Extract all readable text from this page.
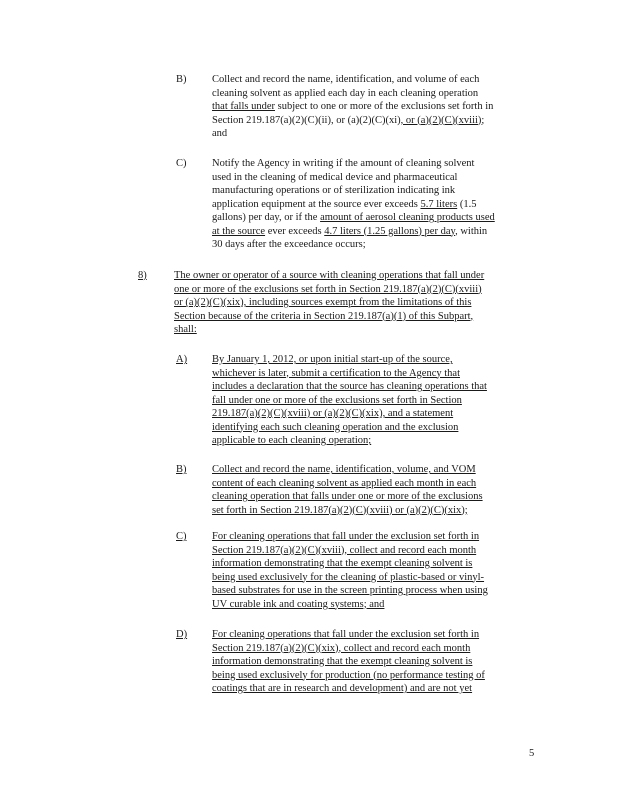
B) Collect and record the name, identification, and volume of each
cleaning solvent as applied each day in each cleaning operation
that falls under subject to one or more of the exclusions set forth in
Section 219.187(a)(2)(C)(ii), or (a)(2)(C)(xi), or (a)(2)(C)(xviii);
and
C) Notify the Agency in writing if the amount of cleaning solvent
used in the cleaning of medical device and pharmaceutical
manufacturing operations or of sterilization indicating ink
application equipment at the source ever exceeds 5.7 liters (1.5
gallons) per day, or if the amount of aerosol cleaning products used
at the source ever exceeds 4.7 liters (1.25 gallons) per day, within
30 days after the exceedance occurs;
8)	The owner or operator of a source with cleaning operations that fall under
one or more of the exclusions set forth in Section 219.187(a)(2)(C)(xviii)
or (a)(2)(C)(xix), including sources exempt from the limitations of this
Section because of the criteria in Section 219.187(a)(1) of this Subpart,
shall:
A) By January 1, 2012, or upon initial start-up of the source,
whichever is later, submit a certification to the Agency that
includes a declaration that the source has cleaning operations that
fall under one or more of the exclusions set forth in Section
219.187(a)(2)(C)(xviii) or (a)(2)(C)(xix), and a statement
identifying each such cleaning operation and the exclusion
applicable to each cleaning operation;
B) Collect and record the name, identification, volume, and VOM
content of each cleaning solvent as applied each month in each
cleaning operation that falls under one or more of the exclusions
set forth in Section 219.187(a)(2)(C)(xviii) or (a)(2)(C)(xix);
C) For cleaning operations that fall under the exclusion set forth in
Section 219.187(a)(2)(C)(xviii), collect and record each month
information demonstrating that the exempt cleaning solvent is
being used exclusively for the cleaning of plastic-based or vinyl-
based substrates for use in the screen printing process when using
UV curable ink and coating systems; and
D) For cleaning operations that fall under the exclusion set forth in
Section 219.187(a)(2)(C)(xix), collect and record each month
information demonstrating that the exempt cleaning solvent is
being used exclusively for production (no performance testing of
coatings that are in research and development) and are not yet
5
